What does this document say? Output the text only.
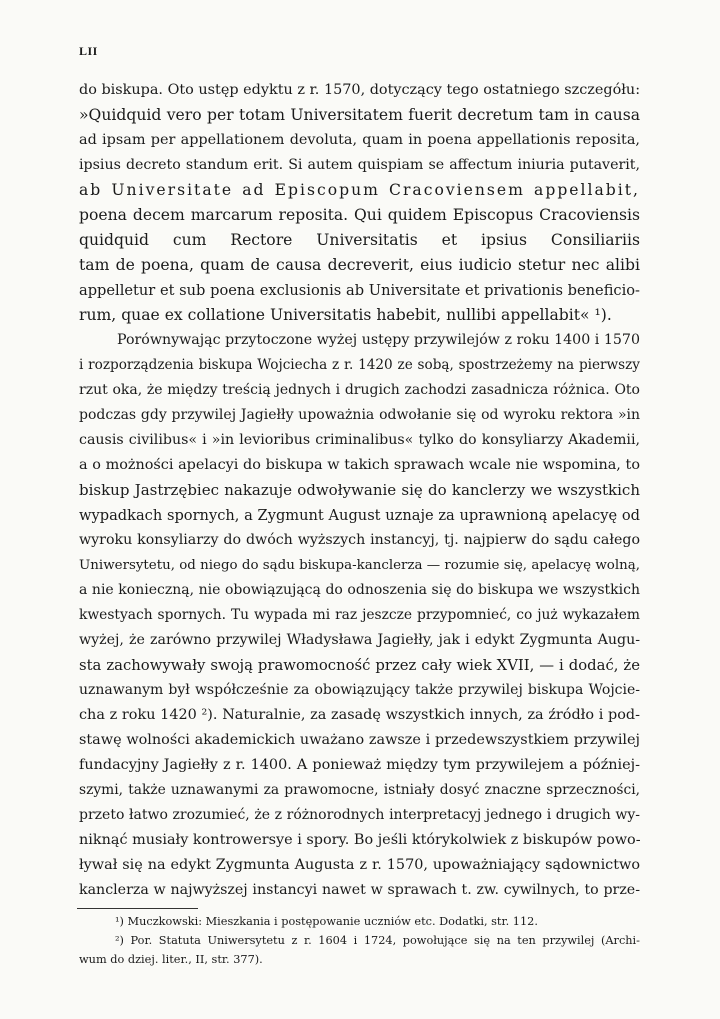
LII
do biskupa. Oto ustęp edyktu z r. 1570, dotyczący tego ostatniego szczegółu:
»Quidquid vero per totam Universitatem fuerit decretum tam in causa
ad ipsam per appellationem devoluta, quam in poena appellationis reposita,
ipsius decreto standum erit. Si autem quispiam se affectum iniuria putaverit,
ab Universitate ad Episcopum Cracoviensem appellabit,
poena decem marcarum reposita. Qui quidem Episcopus Cracoviensis
quidquid cum Rectore Universitatis et ipsius Consiliariis
tam de poena, quam de causa decreverit, eius iudicio stetur nec alibi
appelletur et sub poena exclusionis ab Universitate et privationis beneficio-
rum, quae ex collatione Universitatis habebit, nullibi appellabit« ¹).
Porównywając przytoczone wyżej ustępy przywilejów z roku 1400 i 1570
i rozporządzenia biskupa Wojciecha z r. 1420 ze sobą, spostrzeżemy na pierwszy
rzut oka, że między treścią jednych i drugich zachodzi zasadnicza różnica. Oto
podczas gdy przywilej Jagiełły upoważnia odwołanie się od wyroku rektora »in
causis civilibus« i »in levioribus criminalibus« tylko do konsyliarzy Akademii,
a o możności apelacyi do biskupa w takich sprawach wcale nie wspomina, to
biskup Jastrzębiec nakazuje odwoływanie się do kanclerzy we wszystkich
wypadkach spornych, a Zygmunt August uznaje za uprawnioną apelacyę od
wyroku konsyliarzy do dwóch wyższych instancyj, tj. najpierw do sądu całego
Uniwersytetu, od niego do sądu biskupa-kanclerza — rozumie się, apelacyę wolną,
a nie konieczną, nie obowiązującą do odnoszenia się do biskupa we wszystkich
kwestyach spornych. Tu wypada mi raz jeszcze przypomnieć, co już wykazałem
wyżej, że zarówno przywilej Władysława Jagiełły, jak i edykt Zygmunta Augu-
sta zachowywały swoją prawomocność przez cały wiek XVII, — i dodać, że
uznawanym był współcześnie za obowiązujący także przywilej biskupa Wojcie-
cha z roku 1420 ²). Naturalnie, za zasadę wszystkich innych, za źródło i pod-
stawę wolności akademickich uważano zawsze i przedewszystkiem przywilej
fundacyjny Jagiełły z r. 1400. A ponieważ między tym przywilejem a później-
szymi, także uznawanymi za prawomocne, istniały dosyć znaczne sprzeczności,
przeto łatwo zrozumieć, że z różnorodnych interpretacyj jednego i drugich wy-
niknąć musiały kontrowersye i spory. Bo jeśli którykolwiek z biskupów powo-
ływał się na edykt Zygmunta Augusta z r. 1570, upoważniający sądownictwo
kanclerza w najwyższej instancyi nawet w sprawach t. zw. cywilnych, to prze-
¹) Muczkowski: Mieszkania i postępowanie uczniów etc. Dodatki, str. 112.
²) Por. Statuta Uniwersytetu z r. 1604 i 1724, powołujące się na ten przywilej (Archi-
wum do dziej. liter., II, str. 377).
